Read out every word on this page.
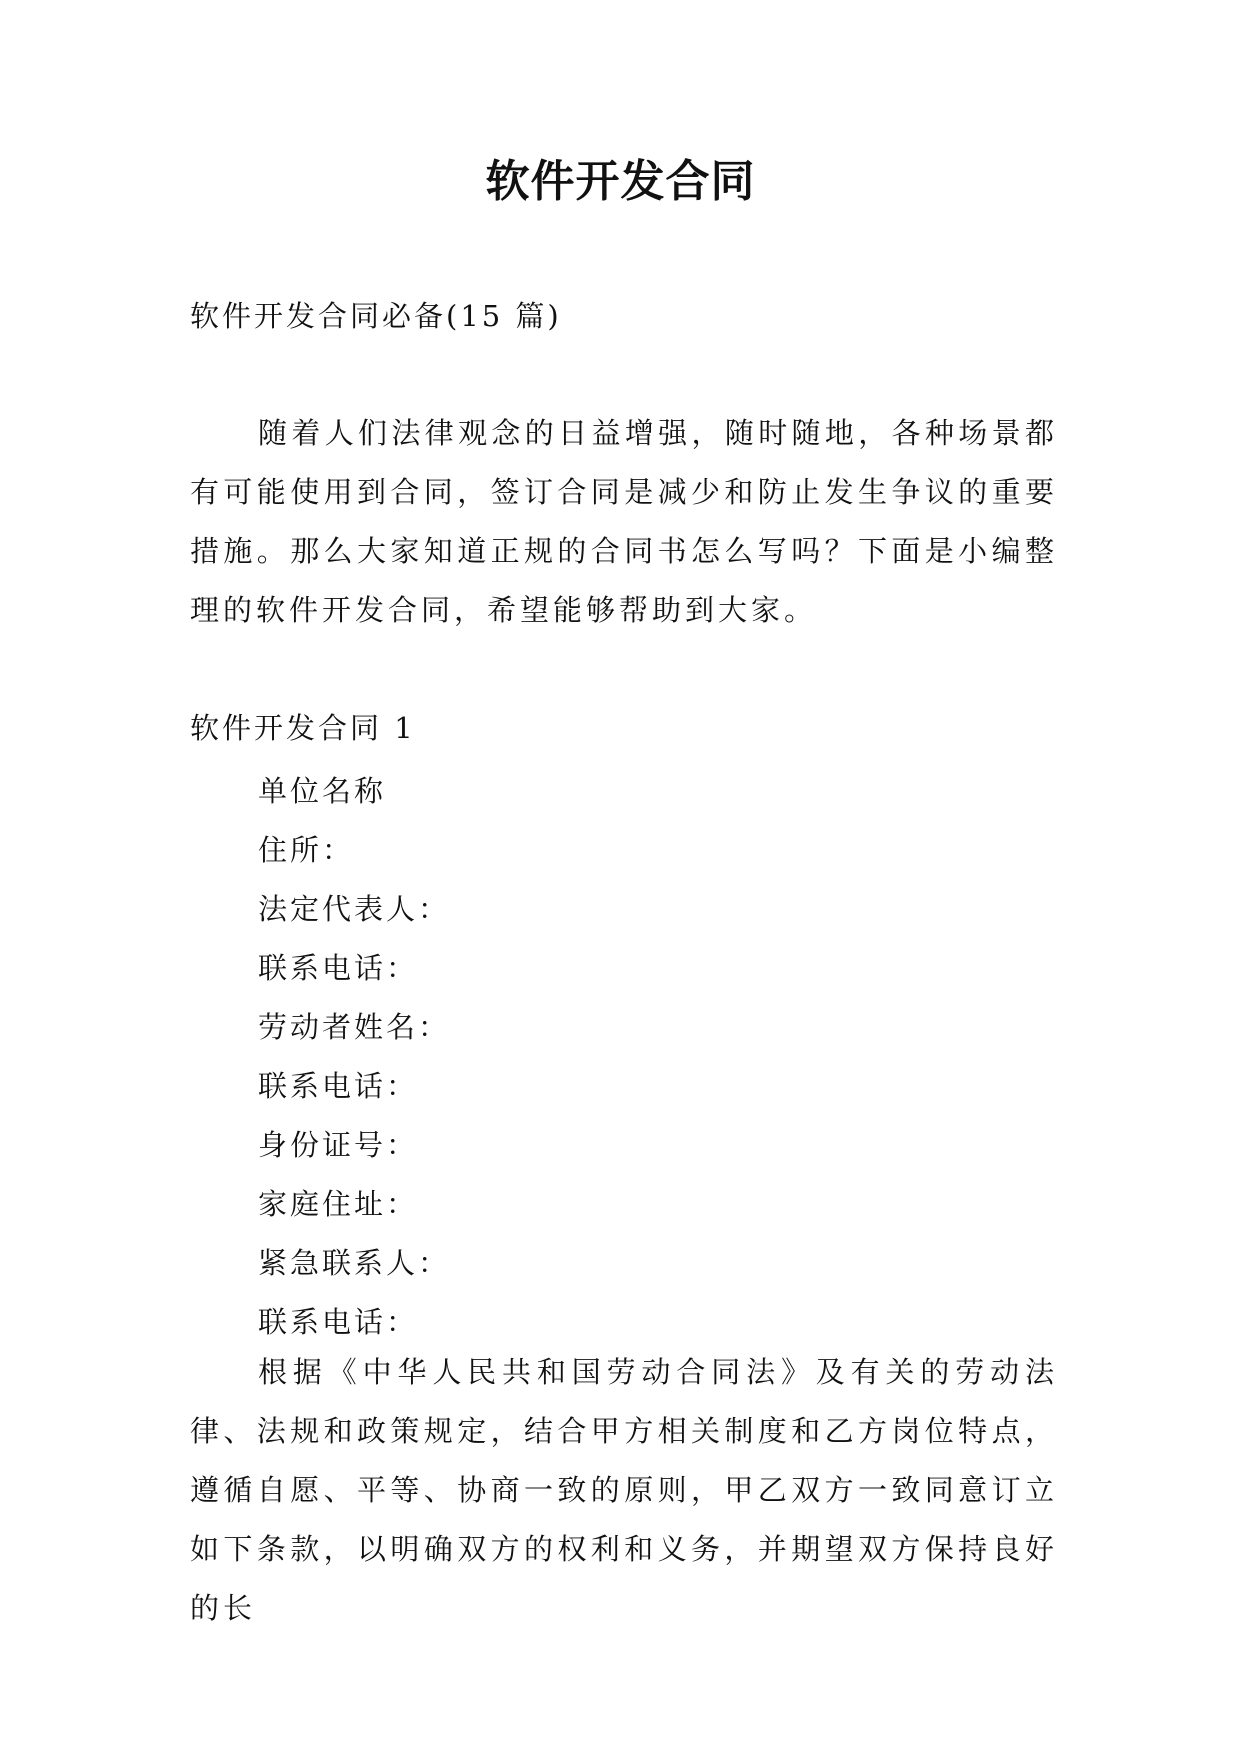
软件开发合同
软件开发合同必备(15 篇)

随着人们法律观念的日益增强，随时随地，各种场景都有可能使用到合同，签订合同是减少和防止发生争议的重要措施。那么大家知道正规的合同书怎么写吗？下面是小编整理的软件开发合同，希望能够帮助到大家。

软件开发合同 1
单位名称
住所：
法定代表人：
联系电话：
劳动者姓名：
联系电话：
身份证号：
家庭住址：
紧急联系人：
联系电话：

根据《中华人民共和国劳动合同法》及有关的劳动法律、法规和政策规定，结合甲方相关制度和乙方岗位特点，遵循自愿、平等、协商一致的原则，甲乙双方一致同意订立如下条款，以明确双方的权利和义务，并期望双方保持良好的长
